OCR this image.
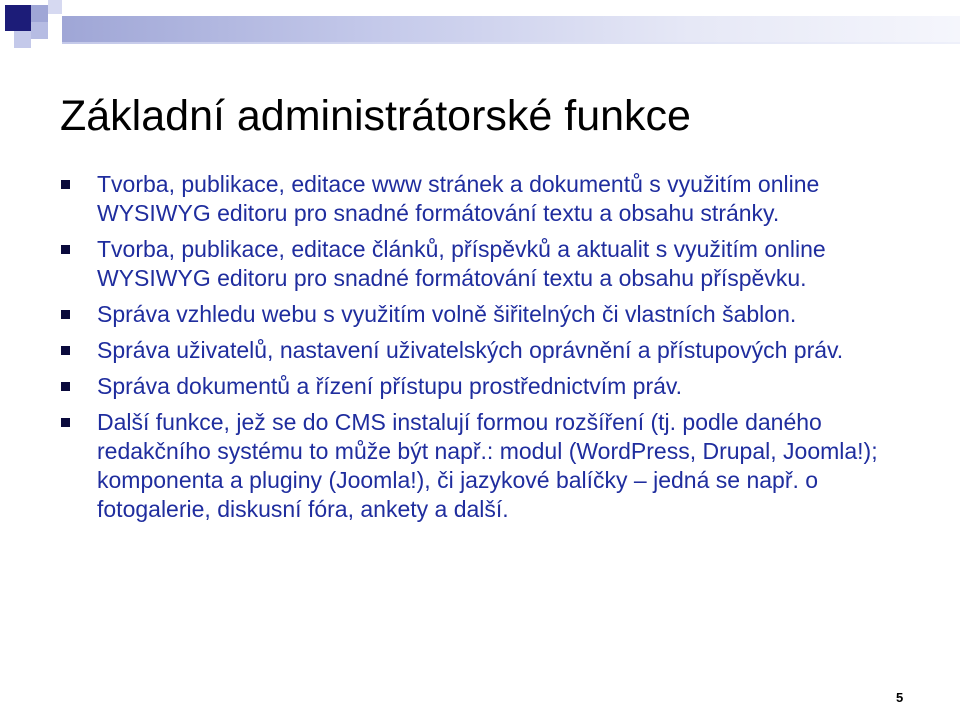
Základní administrátorské funkce
Tvorba, publikace, editace www stránek a dokumentů s využitím online WYSIWYG editoru pro snadné formátování textu a obsahu stránky.
Tvorba, publikace, editace článků, příspěvků a aktualit s využitím online WYSIWYG editoru pro snadné formátování textu a obsahu příspěvku.
Správa vzhledu webu s využitím volně šiřitelných či vlastních šablon.
Správa uživatelů, nastavení uživatelských oprávnění a přístupových práv.
Správa dokumentů a řízení přístupu prostřednictvím práv.
Další funkce, jež se do CMS instalují formou rozšíření (tj. podle daného redakčního systému to může být např.: modul (WordPress, Drupal, Joomla!); komponenta a pluginy (Joomla!), či jazykové balíčky – jedná se např. o fotogalerie, diskusní fóra, ankety a další.
5
